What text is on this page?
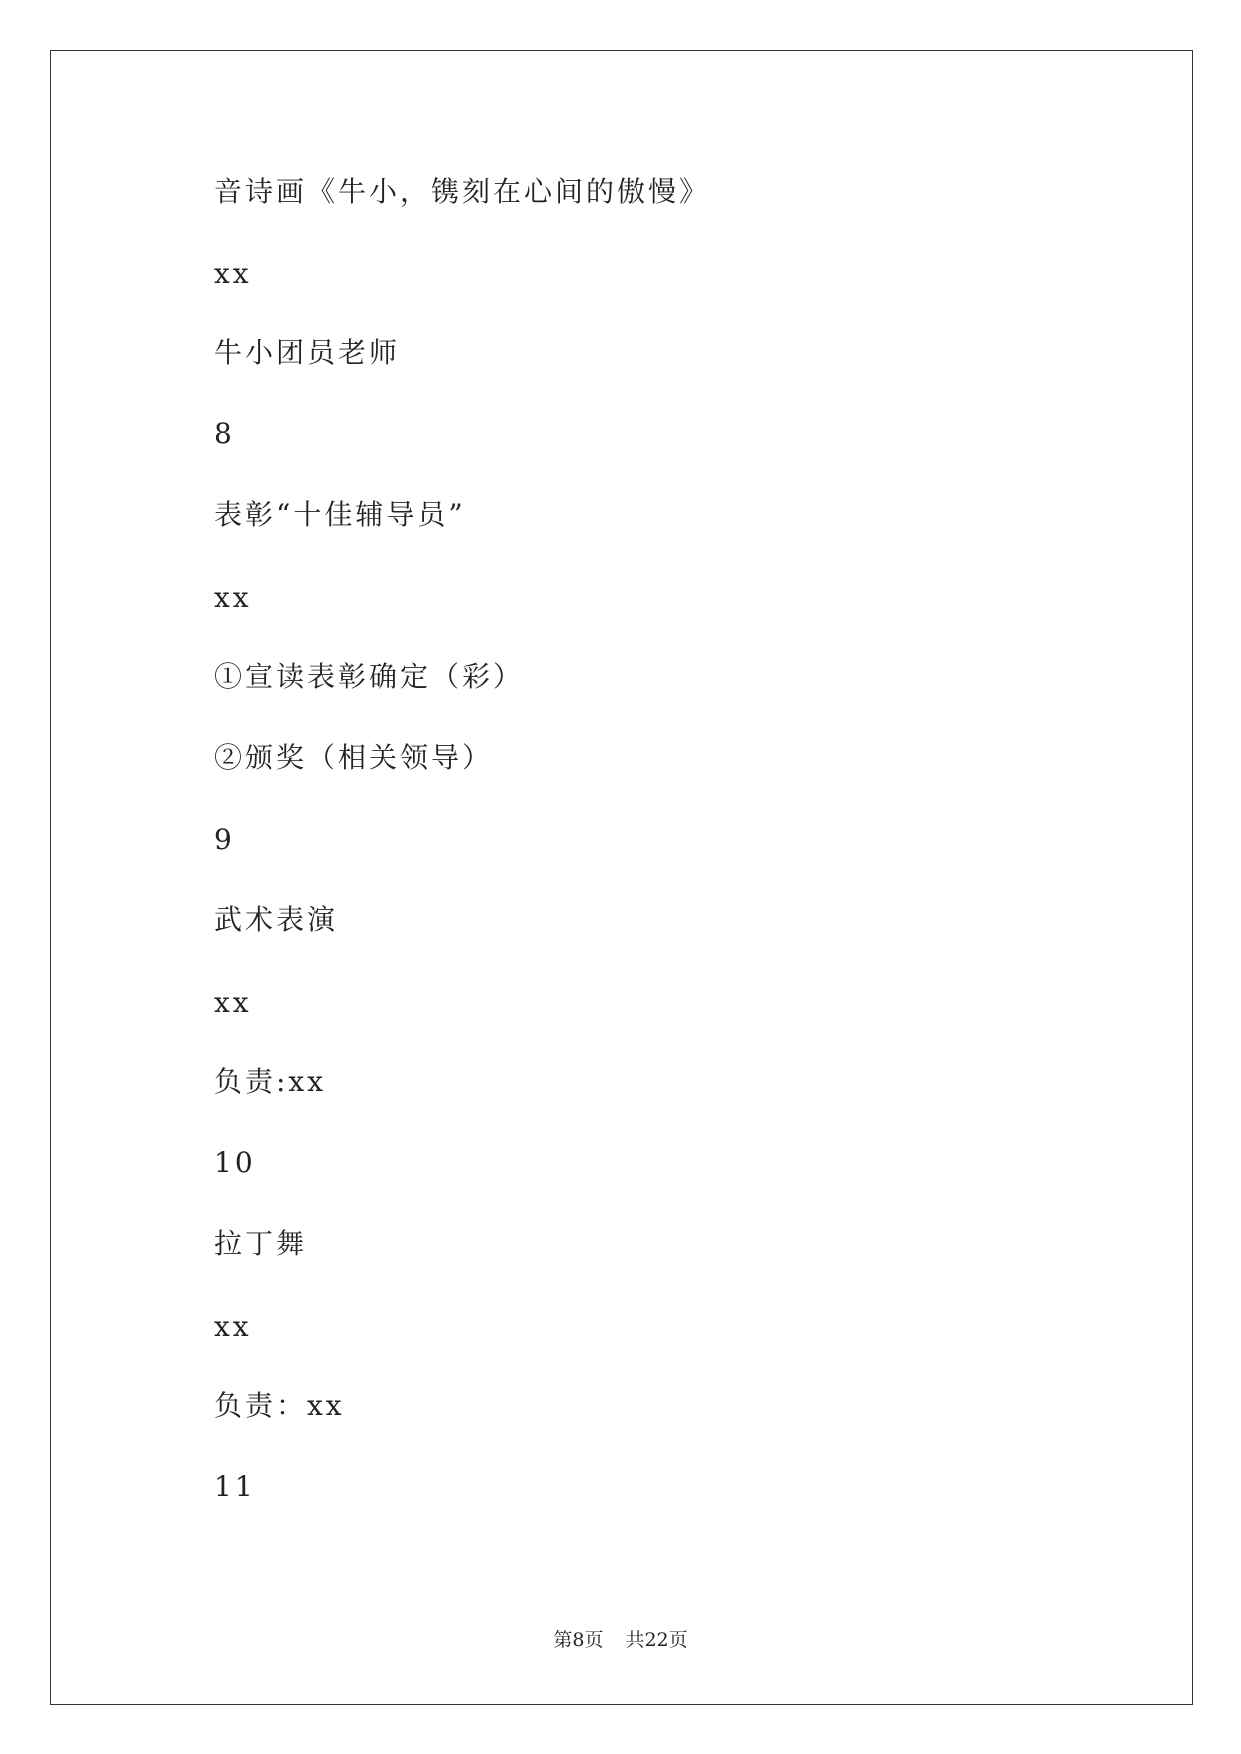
音诗画《牛小，镌刻在心间的傲慢》
xx
牛小团员老师
8
表彰“十佳辅导员”
xx
①宣读表彰确定（彩）
②颁奖（相关领导）
9
武术表演
xx
负责:xx
10
拉丁舞
xx
负责：xx
11
第8页 共22页
